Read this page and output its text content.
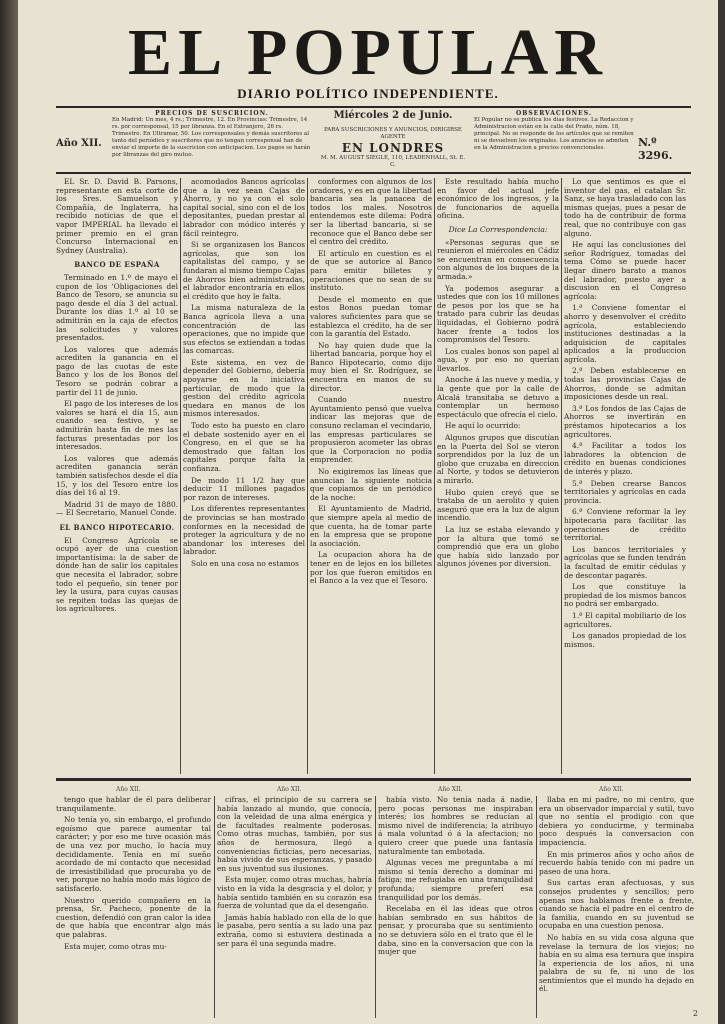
EL POPULAR
DIARIO POLÍTICO INDEPENDIENTE.
Año XII.
PRECIOS DE SUSCRICION.
En Madrid: Un mes, 4 rs.; Trimestre, 12. En Provincias: Trimestre, 14 rs. por corresponsal, 15 por libranza. En el Extranjero, 26 rs. Trimestre. En Ultramar, 50. Los corresponsales y demás suscritores al tanto del periódico y suscritores que no tengan corresponsal han de enviar el importe de la suscricion con anticipacion. Los pagos se harán por libranzas del giro mutuo.
Miércoles 2 de Junio.
PARA SUSCRICIONES Y ANUNCIOS, DIRIGIRSE AGENTE
EN LONDRES
M. M. AUGUST SIEGLE, 110, LEADENHALL, St. E. C.
OBSERVACIONES.
El Popular no se publica los días festivos. La Redaccion y Administracion están en la calle del Prado, núm. 18, principal. No se responde de los artículos que se remiten ni se devuelven los originales. Los anuncios se admiten en la Administracion a precios convencionales.	N.º 3296.

EL Sr. D. David B. Parsons, representante en esta corte de los Sres. Samuelson y Compañía, de Inglaterra, ha recibido noticias de que el vapor IMPERIAL ha llevado el primer premio en el gran Concurso Internacional en Sydney (Australia).

BANCO DE ESPAÑA

Terminado en 1.º de mayo el cupon de los 'Obligaciones del Banco de Tesoro, se anuncia su pago desde el día 3 del actual. Durante los días 1.º al 10 se admitirán en la caja de efectos las solicitudes y valores presentados.

Los valores que además acrediten la ganancia en el pago de las cuotas de este Banco y los de los Bonos del Tesoro se podrán cobrar a partir del 11 de junio.

El pago de los intereses de los valores se hará el día 15, aun cuando sea festivo, y se admitirán hasta fin de mes las facturas presentadas por los interesados.

Los valores que además acrediten ganancia serán también satisfechos desde el día 15, y los del Tesoro entre los días del 16 al 19.

Madrid 31 de mayo de 1880. — El Secretario, Manuel Conde.

EL BANCO HIPOTECARIO.

El Congreso Agrícola se ocupó ayer de una cuestion importantísima: la de saber de dónde han de salir los capitales que necesita el labrador, sobre todo el pequeño, sin tener por ley la usura, para cuyas causas se repiten todas las quejas de los agricultores.

acomodados Bancos agrícolas que a la vez sean Cajas de Ahorro, y no ya con el solo capital social, sino con el de los depositantes, puedan prestar al labrador con módico interés y fácil reintegro.

Si se organizasen los Bancos agrícolas, que son los capitalistas del campo, y se fundaran al mismo tiempo Cajas de Ahorros bien administradas, el labrador encontraría en ellos el crédito que hoy le falta.

La misma naturaleza de la Banca agrícola lleva a una concentración de las operaciones, que no impide que sus efectos se extiendan a todas las comarcas.

Este sistema, en vez de depender del Gobierno, debería apoyarse en la iniciativa particular, de modo que la gestion del crédito agrícola quedara en manos de los mismos interesados.

Todo esto ha puesto en claro el debate sostenido ayer en el Congreso, en el que se ha demostrado que faltan los capitales porque falta la confianza.

De modo 11 1/2 hay que deducir 11 millones pagados por razon de intereses.

Los diferentes representantes de provincias se han mostrado conformes en la necesidad de proteger la agricultura y de no abandonar los intereses del labrador.

Solo en una cosa no estamos

conformes con algunos de los oradores, y es en que la libertad bancaria sea la panacea de todos los males. Nosotros entendemos este dilema: Podrá ser la libertad bancaria, si se reconoce que el Banco debe ser el centro del crédito.

El artículo en cuestion es el de que se autorice al Banco para emitir billetes y operaciones que no sean de su instituto.

Desde el momento en que estos Bonos puedan tomar valores suficientes para que se establezca el crédito, ha de ser con la garantía del Estado.

No hay quien dude que la libertad bancaria, porque hoy el Banco Hipotecario, como dijo muy bien el Sr. Rodríguez, se encuentra en manos de su director.

Cuando nuestro Ayuntamiento pensó que vuelva indicar las mejoras que de consuno reclaman el vecindario, las empresas particulares se propusieron acometer las obras que la Corporacion no podía emprender.

No exigiremos las líneas que anuncian la siguiente noticia que copiamos de un periódico de la noche:

El Ayuntamiento de Madrid, que siempre apela al medio de que cuenta, ha de tomar parte en la empresa que se propone la asociación.

La ocupacion ahora ha de tener en de lejos en los billetes por los que fueron emitidos en el Banco a la vez que el Tesoro.

Este resultado había mucho en favor del actual jefe económico de los ingresos, y la de funcionarios de aquella oficina.

Dice La Correspondencia:

«Personas seguras que se reunieron el miércoles en Cádiz se encuentran en consecuencia con algunos de los buques de la armada.»

Ya podemos asegurar a ustedes que con los 10 millones de pesos por los que se ha tratado para cubrir las deudas liquidadas, el Gobierno podrá hacer frente a todos los compromisos del Tesoro.

Los cuales bonos son papel al agua, y por eso no querían llevarlos.

Anoche á las nueve y media, y la gente que por la calle de Alcalá transitaba se detuvo a contemplar un hermoso espectáculo que ofrecía el cielo.

He aquí lo ocurrido:

Algunos grupos que discutían en la Puerta del Sol se vieron sorprendidos por la luz de un globo que cruzaba en direccion al Norte, y todos se detuvieron a mirarlo.

Hubo quien creyó que se trataba de un aerolito y quien aseguró que era la luz de algun incendio.

La luz se estaba elevando y por la altura que tomó se comprendió que era un globo que había sido lanzado por algunos jóvenes por diversion.

Lo que sentimos es que el inventor del gas, el catalan Sr. Sanz, se haya trasladado con las mismas quejas, pues a pesar de todo ha de contribuir de forma real, que no contribuye con gas alguno.

He aquí las conclusiones del señor Rodríguez, tomadas del tema Cómo se puede hacer llegar dinero barato a manos del labrador, puesto ayer a discusion en el Congreso agrícola:

1.ª Conviene fomentar el ahorro y desenvolver el crédito agrícola, estableciendo instituciones destinadas a la adquisicion de capitales aplicados a la produccion agrícola.

2.ª Deben establecerse en todas las provincias Cajas de Ahorros, donde se admitan imposiciones desde un real.

3.ª Los fondos de las Cajas de Ahorros se invertirán en préstamos hipotecarios a los agricultores.

4.ª Facilitar a todos los labradores la obtencion de crédito en buenas condiciones de interés y plazo.

5.ª Deben crearse Bancos territoriales y agrícolas en cada provincia.

6.ª Conviene reformar la ley hipotecaria para facilitar las operaciones de crédito territorial.

Los bancos territoriales y agrícolas que se funden tendrán la facultad de emitir cédulas y de descontar pagarés.

Los que constituye la propiedad de los mismos bancos no podrá ser embargado.

1.ª El capital mobiliario de los agricultores.

Los ganados propiedad de los mismos.

Año XII.	Año XII.	Año XII.	Año XII.

tengo que hablar de él para deliberar tranquilamente.

No tenía yo, sin embargo, el profundo egoísmo que parece aumentar tal carácter; y por eso me tuve ocasión más de una vez por mucho, lo hacía muy decididamente. Tenía en mí sueño acordado de mí contacto que necesidad de irresistibilidad que procuraba yo de ver, porque no había modo más lógico de satisfacerlo.

Nuestro querido compañero en la prensa, Sr. Pacheco, ponente de la cuestion, defendió con gran calor la idea de que había que encontrar algo más que palabras.

Esta mujer, como otras mu-

cifras, el principio de su carrera se había lanzado al mundo, que conocía, con la veleidad de una alma enérgica y de facultades realmente poderosas. Como otras muchas, también, por sus años de hermosura, llegó a conveniencias ficticias, pero necesarias, había vivido de sus esperanzas, y pasado en sus juventud sus ilusiones.

Esta mujer, como otras muchas, habría visto en la vida la desgracia y el dolor, y había sentido también en su corazón esa fuerza de voluntad que da el desengaño.

Jamás había hablado con ella de lo que le pasaba, pero sentía a su lado una paz extraña, como si estuviera destinada a ser para él una segunda madre.

había visto. No tenía nada á nadie, pero pocas personas me inspiraban interés; los hombres se reducían al mismo nivel de indiferencia; la atribuyo á mala voluntad ó á la afectacion; no quiero creer que puede una fantasía naturalmente tan embotada.

Algunas veces me preguntaba a mí mismo si tenía derecho a dominar mi fatiga; me refugiaba en una tranquilidad profunda; siempre preferí esa tranquilidad por los demás.

Recelaba en él las ideas que otros habían sembrado en sus hábitos de pensar, y procuraba que su sentimiento no se detuviera sólo en el trato que él le daba, sino en la conversacion que con la mujer que

llaba en mi padre, no mi centro, que era un observador imparcial y sutil, tuvo que no sentía el prodigio con que debiera yo conducirme, y terminaba poco después la conversacion con impaciencia.

En mis primeros años y ocho años de recuerdo había tenido con mi padre un paseo de una hora.

Sus cartas eran afectuosas, y sus consejos prudentes y sencillos; pero apenas nos hablamos frente a frente, cuando se hacía el padre en el centro de la familia, cuando en su juventud se ocupaba en una cuestion penosa.

No había en su vida cosa alguna que revelase la ternura de los viejos; no había en su alma esa ternura que inspira la experiencia de los años, ni una palabra de su fe, ni uno de los sentimientos que el mundo ha dejado en él.

2
